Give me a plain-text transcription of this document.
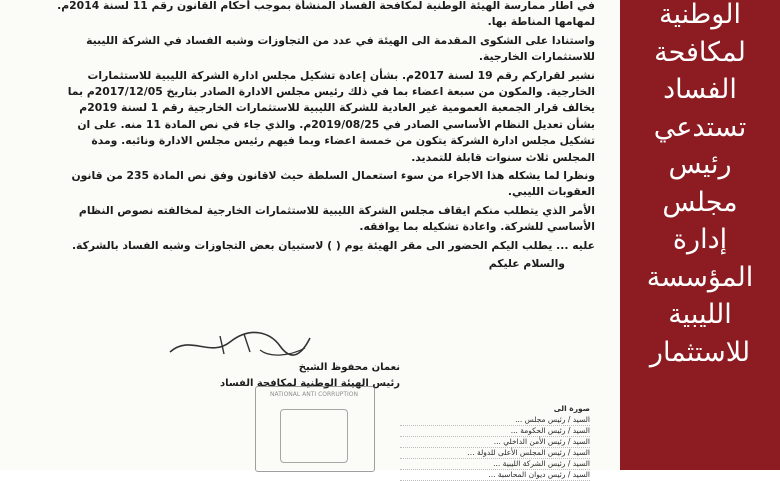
في اطار ممارسة الهيئة الوطنية لمكافحة الفساد المنشأة بموجب أحكام القانون رقم 11 لسنة 2014م. لمهامها المناطة بها.

واستنادا على الشكوى المقدمة الى الهيئة في عدد من التجاوزات وشبه الفساد في الشركة الليبية للاستثمارات الخارجية.

نشير لقراركم رقم 19 لسنة 2017م. بشأن إعادة تشكيل مجلس ادارة الشركة الليبية للاستثمارات الخارجية. والمكون من سبعة اعضاء بما في ذلك رئيس مجلس الادارة الصادر بتاريخ 2017/12/05م بما يخالف قرار الجمعية العمومية غير العادية للشركة الليبية للاستثمارات الخارجية رقم 1 لسنة 2019م بشأن تعديل النظام الأساسي الصادر في 2019/08/25م. والذي جاء في نص المادة 11 منه. على ان تشكيل مجلس ادارة الشركة يتكون من خمسة اعضاء وبما فيهم رئيس مجلس الادارة ونائبه. ومدة المجلس ثلاث سنوات قابلة للتمديد.

ونظرا لما يشكله هذا الاجراء من سوء استعمال السلطة حيث لاقانون وفق نص المادة 235 من قانون العقوبات الليبي.

الأمر الذي يتطلب منكم ايقاف مجلس الشركة الليبية للاستثمارات الخارجية لمخالفته نصوص النظام الأساسي للشركة. واعادة تشكيله بما يوافقه.

عليه ... يطلب اليكم الحضور الى مقر الهيئة يوم ( ) لاستبيان بعض التجاوزات وشبه الفساد بالشركة.

والسلام عليكم

نعمان محفوظ الشيخ
رئيس الهيئة الوطنية لمكافحة الفساد
NATIONAL ANTI CORRUPTION
صورة الى
السيد / رئيس مجلس ...
السيد / رئيس الحكومة ...
السيد / رئيس الأمن الداخلي ...
السيد / رئيس المجلس الأعلى للدولة ...
السيد / رئيس الشركة الليبية ...
السيد / رئيس ديوان المحاسبة ...
الوطنية
لمكافحة
الفساد
تستدعي
رئيس
مجلس
إدارة
المؤسسة
الليبية
للاستثمار
